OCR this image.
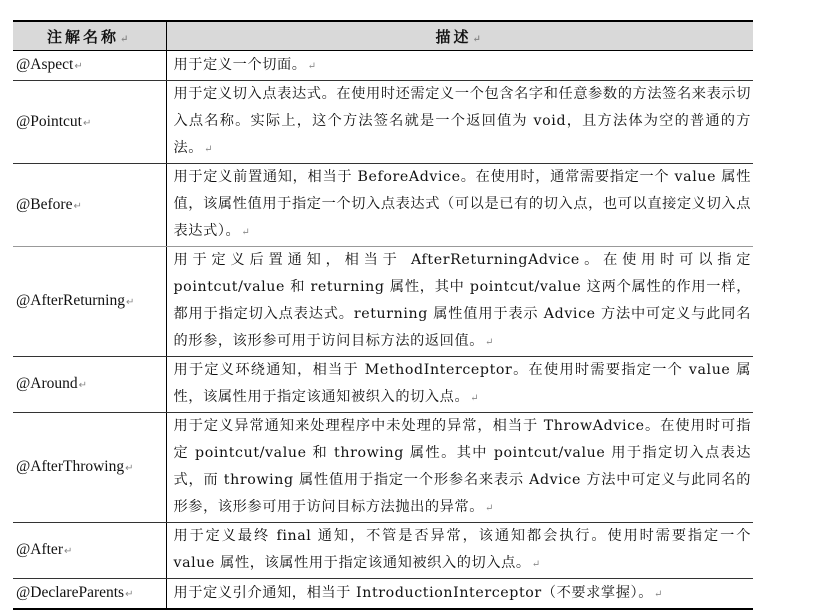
注解名称↵	描述↵
@Aspect↵	用于定义一个切面。↵
@Pointcut↵	用于定义切入点表达式。在使用时还需定义一个包含名字和任意参数的方法签名来表示切入点名称。实际上，这个方法签名就是一个返回值为 void，且方法体为空的普通的方法。↵
@Before↵	用于定义前置通知，相当于 BeforeAdvice。在使用时，通常需要指定一个 value 属性值，该属性值用于指定一个切入点表达式（可以是已有的切入点，也可以直接定义切入点表达式）。↵
@AfterReturning↵	用于定义后置通知，相当于 AfterReturningAdvice。在使用时可以指定 pointcut/value 和 returning 属性，其中 pointcut/value 这两个属性的作用一样，都用于指定切入点表达式。returning 属性值用于表示 Advice 方法中可定义与此同名的形参，该形参可用于访问目标方法的返回值。↵
@Around↵	用于定义环绕通知，相当于 MethodInterceptor。在使用时需要指定一个 value 属性，该属性用于指定该通知被织入的切入点。↵
@AfterThrowing↵	用于定义异常通知来处理程序中未处理的异常，相当于 ThrowAdvice。在使用时可指定 pointcut/value 和 throwing 属性。其中 pointcut/value 用于指定切入点表达式，而 throwing 属性值用于指定一个形参名来表示 Advice 方法中可定义与此同名的形参，该形参可用于访问目标方法抛出的异常。↵
@After↵	用于定义最终 final 通知，不管是否异常，该通知都会执行。使用时需要指定一个 value 属性，该属性用于指定该通知被织入的切入点。↵
@DeclareParents↵	用于定义引介通知，相当于 IntroductionInterceptor（不要求掌握）。↵
